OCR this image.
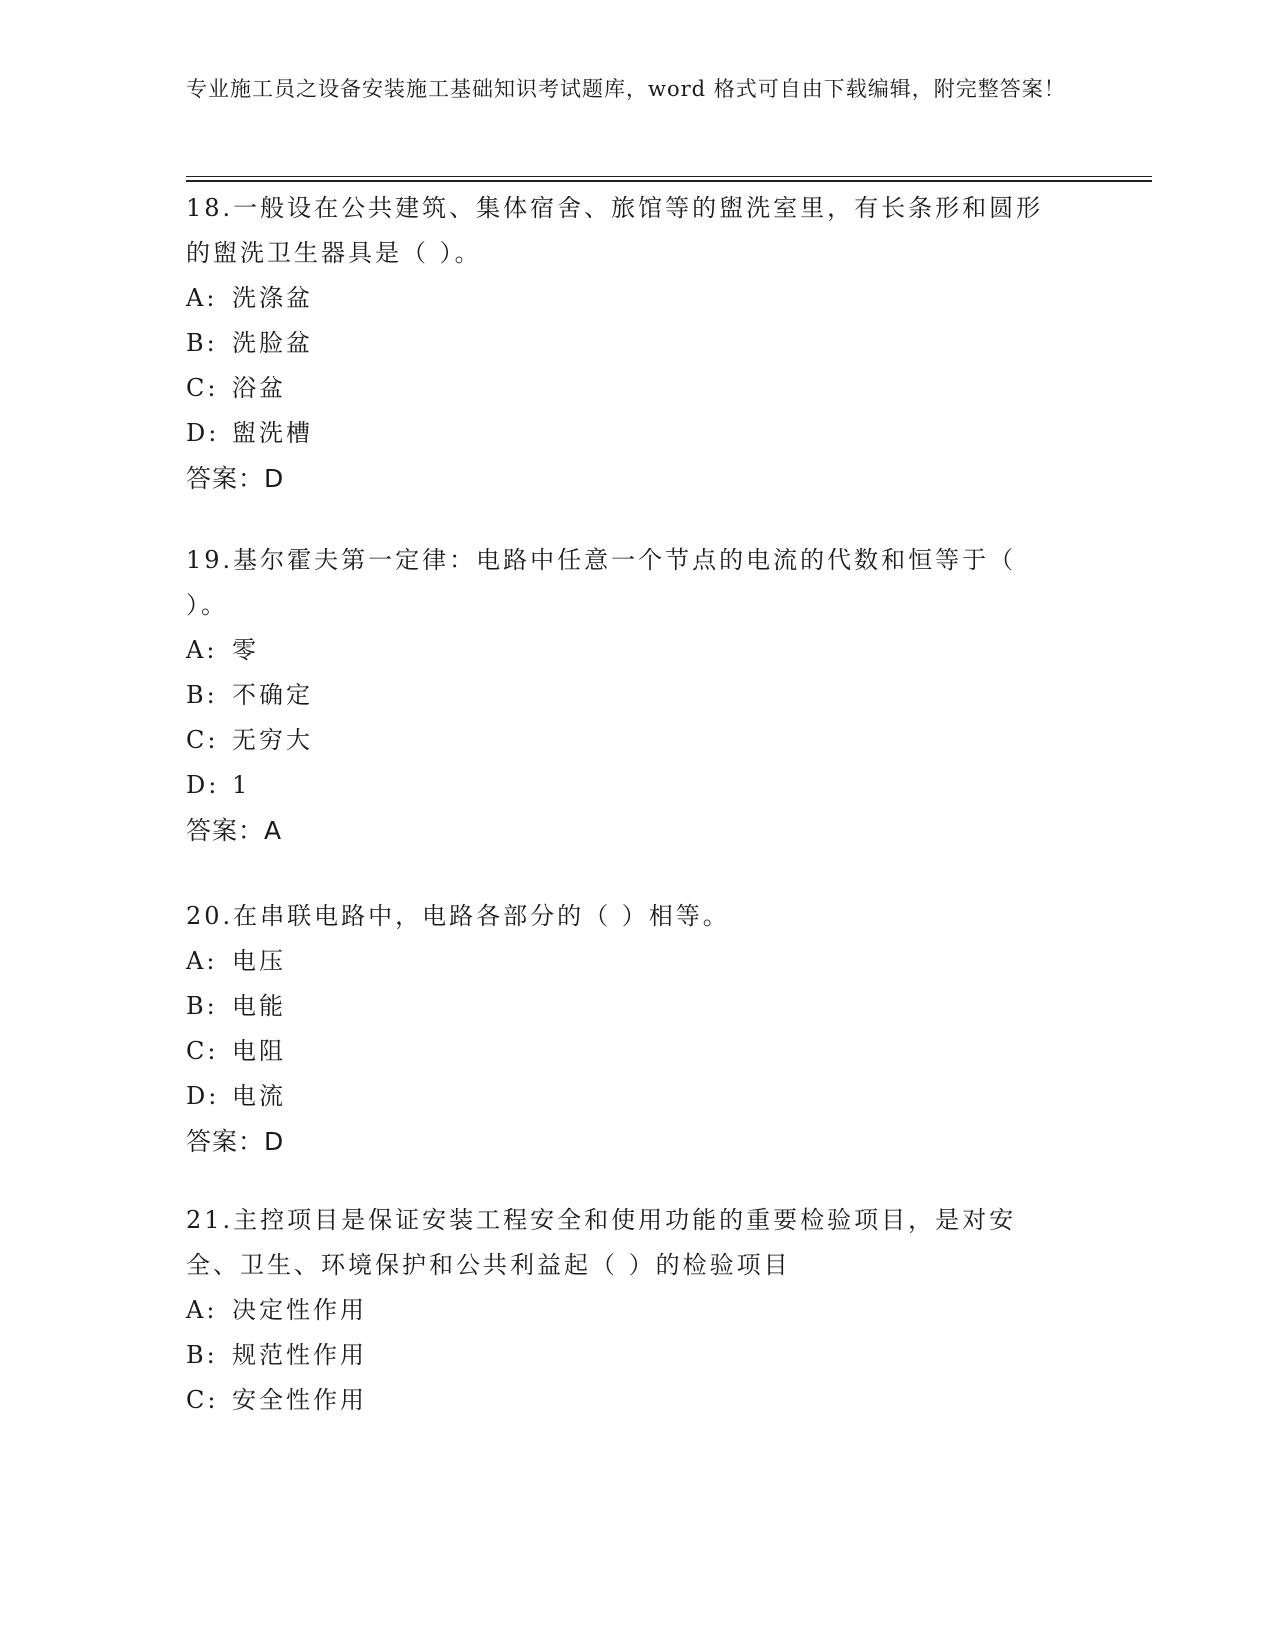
专业施工员之设备安装施工基础知识考试题库，word 格式可自由下载编辑，附完整答案！

18.一般设在公共建筑、集体宿舍、旅馆等的盥洗室里，有长条形和圆形的盥洗卫生器具是（ ）。

A: 洗涤盆

B: 洗脸盆

C: 浴盆

D: 盥洗槽

答案：D

19.基尔霍夫第一定律：电路中任意一个节点的电流的代数和恒等于（ ）。

A: 零

B: 不确定

C: 无穷大

D: 1

答案：A

20.在串联电路中，电路各部分的（ ）相等。

A: 电压

B: 电能

C: 电阻

D: 电流

答案：D

21.主控项目是保证安装工程安全和使用功能的重要检验项目，是对安全、卫生、环境保护和公共利益起（ ）的检验项目

A: 决定性作用

B: 规范性作用

C: 安全性作用
